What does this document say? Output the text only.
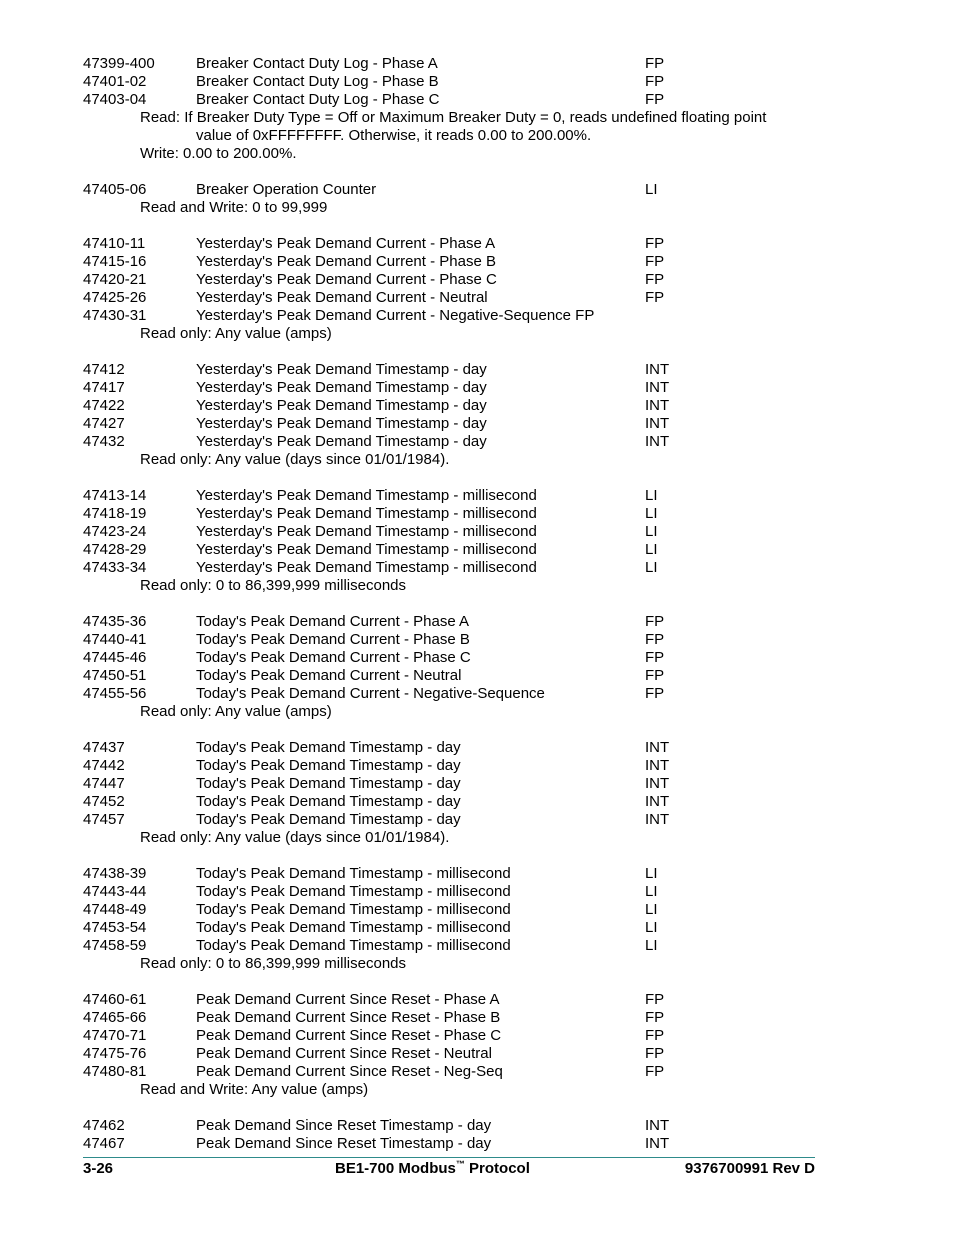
47399-400	Breaker Contact Duty Log - Phase A	FP
47401-02	Breaker Contact Duty Log - Phase B	FP
47403-04	Breaker Contact Duty Log - Phase C	FP
Read: If Breaker Duty Type = Off or Maximum Breaker Duty = 0, reads undefined floating point
value of 0xFFFFFFFF. Otherwise, it reads 0.00 to 200.00%.
Write: 0.00 to 200.00%.
47405-06	Breaker Operation Counter	LI
Read and Write: 0 to 99,999
47410-11	Yesterday's Peak Demand Current - Phase A	FP
47415-16	Yesterday's Peak Demand Current - Phase B	FP
47420-21	Yesterday's Peak Demand Current - Phase C	FP
47425-26	Yesterday's Peak Demand Current - Neutral	FP
47430-31	Yesterday's Peak Demand Current - Negative-Sequence FP
Read only: Any value (amps)
47412	Yesterday's Peak Demand Timestamp - day	INT
47417	Yesterday's Peak Demand Timestamp - day	INT
47422	Yesterday's Peak Demand Timestamp - day	INT
47427	Yesterday's Peak Demand Timestamp - day	INT
47432	Yesterday's Peak Demand Timestamp - day	INT
Read only: Any value (days since 01/01/1984).
47413-14	Yesterday's Peak Demand Timestamp - millisecond	LI
47418-19	Yesterday's Peak Demand Timestamp - millisecond	LI
47423-24	Yesterday's Peak Demand Timestamp - millisecond	LI
47428-29	Yesterday's Peak Demand Timestamp - millisecond	LI
47433-34	Yesterday's Peak Demand Timestamp - millisecond	LI
Read only: 0 to 86,399,999 milliseconds
47435-36	Today's Peak Demand Current - Phase A	FP
47440-41	Today's Peak Demand Current - Phase B	FP
47445-46	Today's Peak Demand Current - Phase C	FP
47450-51	Today's Peak Demand Current - Neutral	FP
47455-56	Today's Peak Demand Current - Negative-Sequence	FP
Read only: Any value (amps)
47437	Today's Peak Demand Timestamp - day	INT
47442	Today's Peak Demand Timestamp - day	INT
47447	Today's Peak Demand Timestamp - day	INT
47452	Today's Peak Demand Timestamp - day	INT
47457	Today's Peak Demand Timestamp - day	INT
Read only: Any value (days since 01/01/1984).
47438-39	Today's Peak Demand Timestamp - millisecond	LI
47443-44	Today's Peak Demand Timestamp - millisecond	LI
47448-49	Today's Peak Demand Timestamp - millisecond	LI
47453-54	Today's Peak Demand Timestamp - millisecond	LI
47458-59	Today's Peak Demand Timestamp - millisecond	LI
Read only: 0 to 86,399,999 milliseconds
47460-61	Peak Demand Current Since Reset - Phase A	FP
47465-66	Peak Demand Current Since Reset - Phase B	FP
47470-71	Peak Demand Current Since Reset - Phase C	FP
47475-76	Peak Demand Current Since Reset - Neutral	FP
47480-81	Peak Demand Current Since Reset - Neg-Seq	FP
Read and Write: Any value (amps)
47462	Peak Demand Since Reset Timestamp - day	INT
47467	Peak Demand Since Reset Timestamp - day	INT
3-26	BE1-700 Modbus™ Protocol	9376700991 Rev D
